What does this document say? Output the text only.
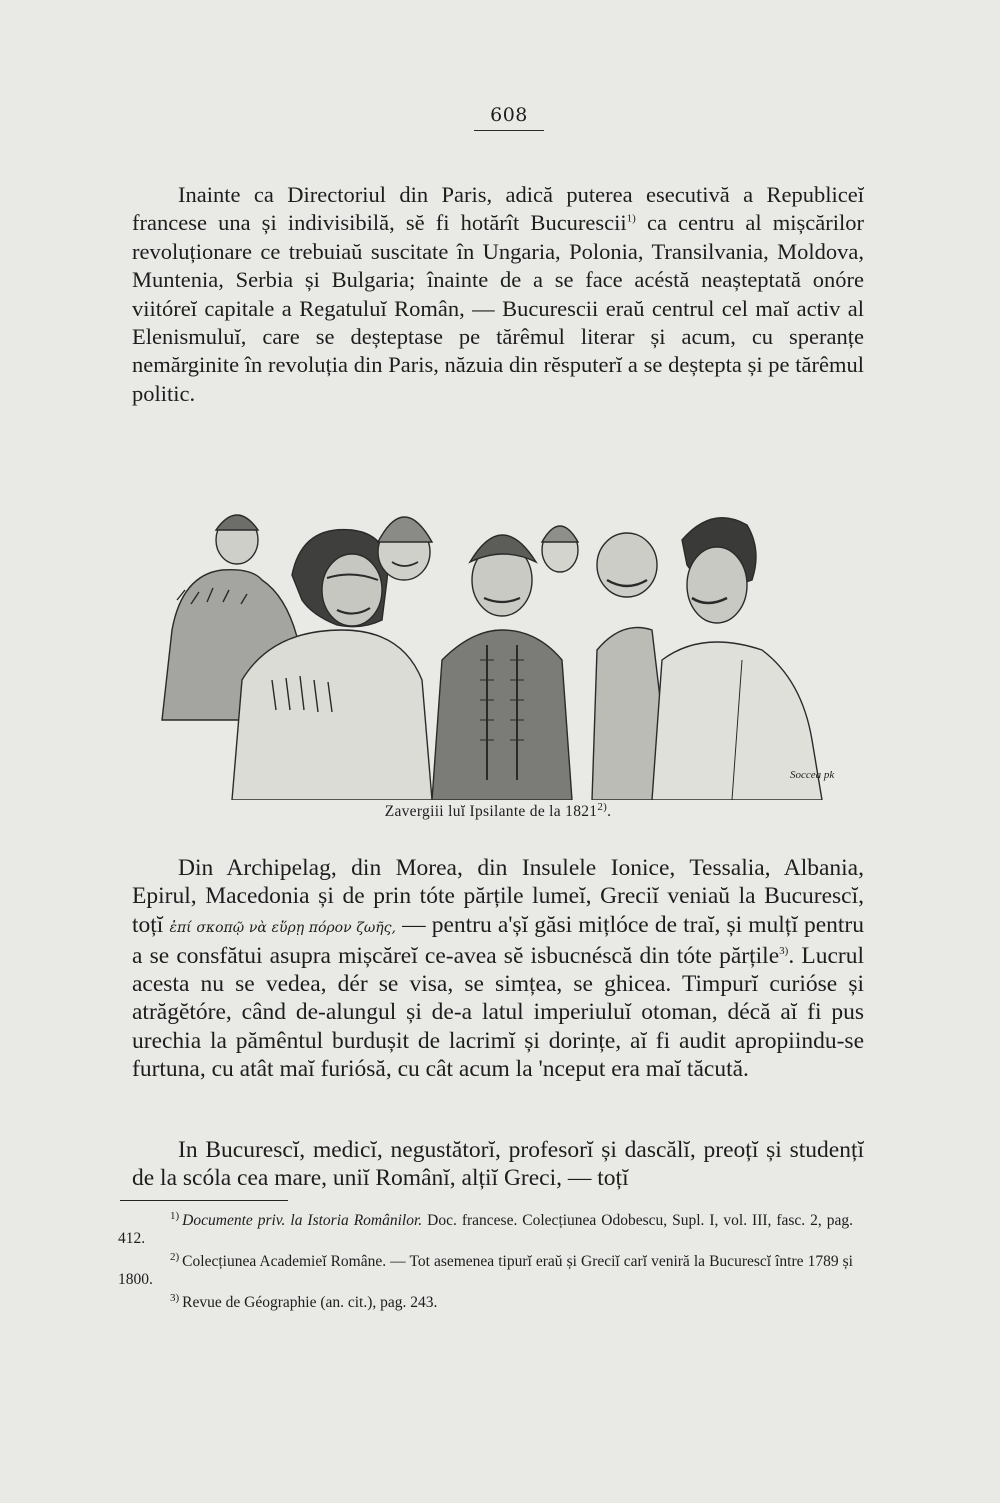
608

Inainte ca Directoriul din Paris, adică puterea esecutivă a Republiceĭ francese una și indivisibilă, sĕ fi hotărît Bucurescii$^{1)}$ ca centru al mișcărilor revoluționare ce trebuiaŭ suscitate în Ungaria, Polonia, Transilvania, Moldova, Muntenia, Serbia și Bulgaria; înainte de a se face acéstă neașteptată onóre viitóreĭ capitale a Regatuluĭ Român, — Bucurescii eraŭ centrul cel maĭ activ al Elenismuluĭ, care se deșteptase pe tărêmul literar și acum, cu speranțe nemărginite în revoluția din Paris, năzuia din rĕsputerĭ a se deștepta și pe tărêmul politic.

Soccea pk
Zavergiii luĭ Ipsilante de la 1821$^{2)}$.

Din Archipelag, din Morea, din Insulele Ionice, Tessalia, Albania, Epirul, Macedonia și de prin tóte părțile lumeĭ, Greciĭ veniaŭ la Bucurescĭ, toțĭ ἐπί σκοπῷ νὰ εὕρῃ πόρον ζωῆς, — pentru a'șĭ găsi mițlóce de traĭ, și mulțĭ pentru a se consfătui asupra mișcăreĭ ce-avea sĕ isbucnéscă din tóte părțile$^{3)}$. Lucrul acesta nu se vedea, dér se visa, se simțea, se ghicea. Timpurĭ curióse și atrăgĕtóre, când de-alungul și de-a latul imperiuluĭ otoman, décă aĭ fi pus urechia la pămêntul burdușit de lacrimĭ și dorințe, aĭ fi audit apropiindu-se furtuna, cu atât maĭ furiósă, cu cât acum la 'nceput era maĭ tăcută.

In Bucurescĭ, medicĭ, negustătorĭ, profesorĭ și dascălĭ, preoțĭ și studențĭ de la scóla cea mare, uniĭ Românĭ, alțiĭ Greci, — toțĭ

$^{1)}$ Documente priv. la Istoria Românilor. Doc. francese. Colecțiunea Odobescu, Supl. I, vol. III, fasc. 2, pag. 412.

$^{2)}$ Colecțiunea Academieĭ Române. — Tot asemenea tipurĭ eraŭ și Greciĭ carĭ veniră la Bucurescĭ între 1789 și 1800.

$^{3)}$ Revue de Géographie (an. cit.), pag. 243.
